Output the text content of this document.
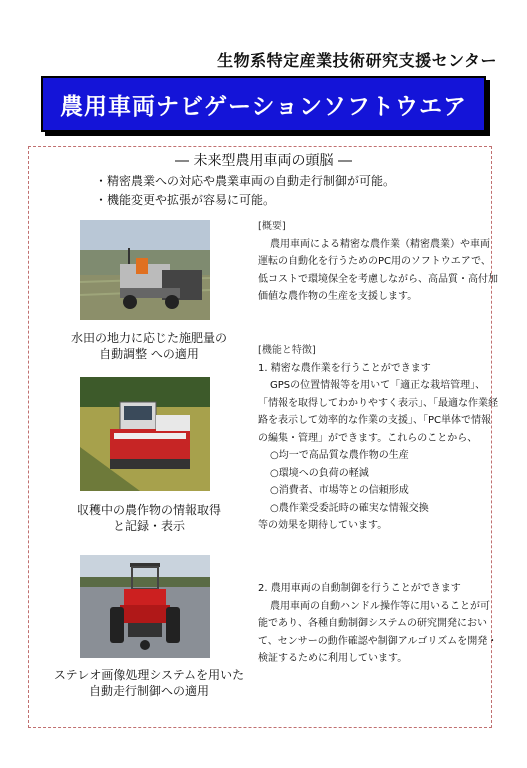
生物系特定産業技術研究支援センター
農用車両ナビゲーションソフトウエア
― 未来型農用車両の頭脳 ―
・ 精密農業への対応や農業車両の自動走行制御が可能。
・ 機能変更や拡張が容易に可能。
水田の地力に応じた施肥量の
自動調整 への適用
収穫中の農作物の情報取得
と記録・表示
ステレオ画像処理システムを用いた
自動走行制御への適用
[概要]
農用車両による精密な農作業（精密農業）や車両運転の自動化を行うためのPC用のソフトウエアで、低コストで環境保全を考慮しながら、高品質・高付加価値な農作物の生産を支援します。
[機能と特徴]
1. 精密な農作業を行うことができます
GPSの位置情報等を用いて「適正な栽培管理」、「情報を取得してわかりやすく表示」、「最適な作業経路を表示して効率的な作業の支援」、「PC単体で情報の編集・管理」ができます。これらのことから、
○ 均一で高品質な農作物の生産
○ 環境への負荷の軽減
○ 消費者、市場等との信頼形成
○ 農作業受委託時の確実な情報交換
等の効果を期待しています。
2. 農用車両の自動制御を行うことができます
農用車両の自動ハンドル操作等に用いることが可能であり、各種自動制御システムの研究開発において、センサーの動作確認や制御アルゴリズムを開発・検証するために利用しています。
